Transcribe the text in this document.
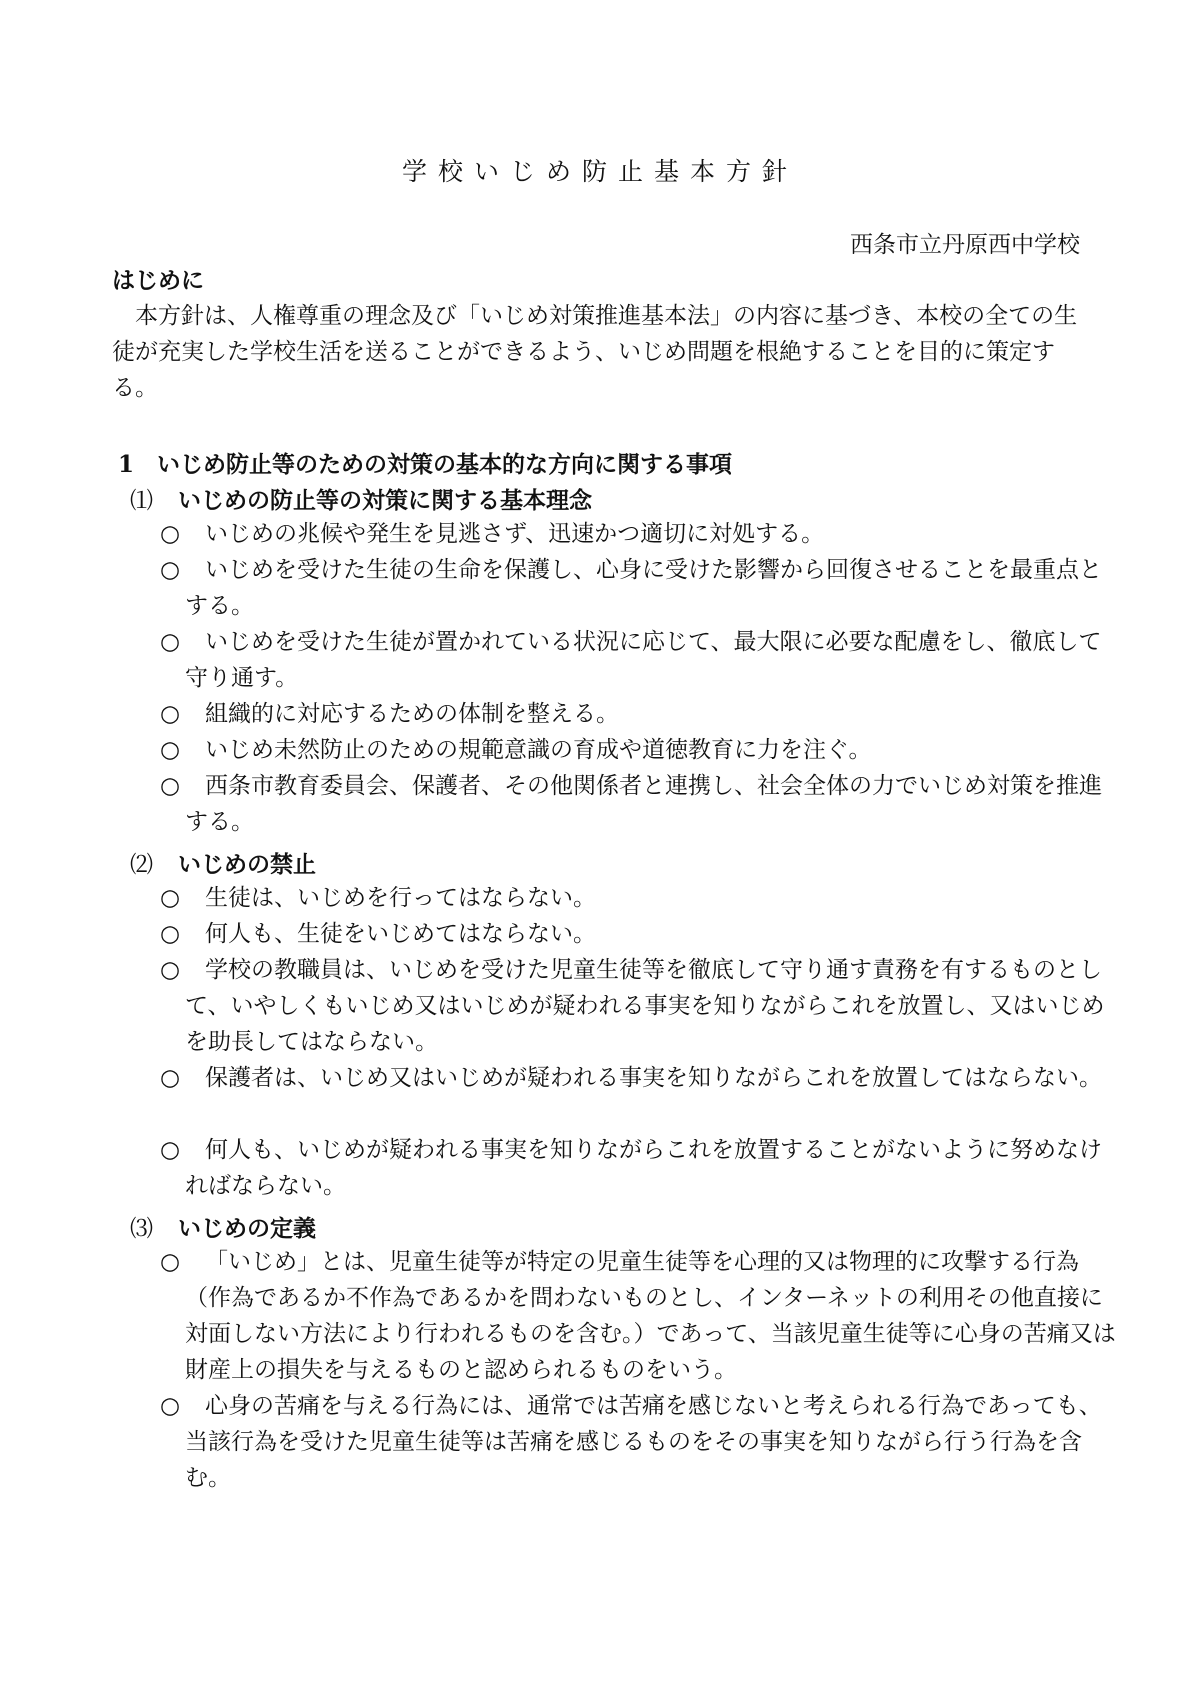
学校いじめ防止基本方針
西条市立丹原西中学校
はじめに
本方針は、人権尊重の理念及び「いじめ対策推進基本法」の内容に基づき、本校の全ての生徒が充実した学校生活を送ることができるよう、いじめ問題を根絶することを目的に策定する。
1　いじめ防止等のための対策の基本的な方向に関する事項
⑴ いじめの防止等の対策に関する基本理念
○ いじめの兆候や発生を見逃さず、迅速かつ適切に対処する。
○ いじめを受けた生徒の生命を保護し、心身に受けた影響から回復させることを最重点とする。
○ いじめを受けた生徒が置かれている状況に応じて、最大限に必要な配慮をし、徹底して守り通す。
○ 組織的に対応するための体制を整える。
○ いじめ未然防止のための規範意識の育成や道徳教育に力を注ぐ。
○ 西条市教育委員会、保護者、その他関係者と連携し、社会全体の力でいじめ対策を推進する。
⑵ いじめの禁止
○ 生徒は、いじめを行ってはならない。
○ 何人も、生徒をいじめてはならない。
○ 学校の教職員は、いじめを受けた児童生徒等を徹底して守り通す責務を有するものとして、いやしくもいじめ又はいじめが疑われる事実を知りながらこれを放置し、又はいじめを助長してはならない。
○ 保護者は、いじめ又はいじめが疑われる事実を知りながらこれを放置してはならない。
○ 何人も、いじめが疑われる事実を知りながらこれを放置することがないように努めなければならない。
⑶ いじめの定義
○ 「いじめ」とは、児童生徒等が特定の児童生徒等を心理的又は物理的に攻撃する行為（作為であるか不作為であるかを問わないものとし、インターネットの利用その他直接に対面しない方法により行われるものを含む。）であって、当該児童生徒等に心身の苦痛又は財産上の損失を与えるものと認められるものをいう。
○ 心身の苦痛を与える行為には、通常では苦痛を感じないと考えられる行為であっても、当該行為を受けた児童生徒等は苦痛を感じるものをその事実を知りながら行う行為を含む。
